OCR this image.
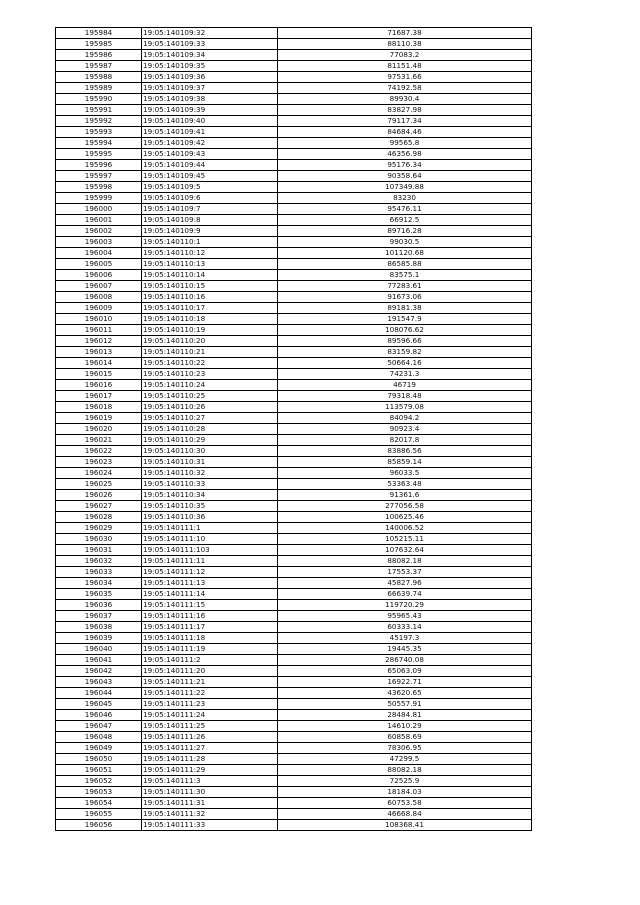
195984	19:05:140109:32	71687.38
195985	19:05:140109:33	88110.38
195986	19:05:140109:34	77083.2
195987	19:05:140109:35	81151.48
195988	19:05:140109:36	97531.66
195989	19:05:140109:37	74192.58
195990	19:05:140109:38	89930.4
195991	19:05:140109:39	83827.98
195992	19:05:140109:40	79117.34
195993	19:05:140109:41	84684.46
195994	19:05:140109:42	99565.8
195995	19:05:140109:43	46356.98
195996	19:05:140109:44	95176.34
195997	19:05:140109:45	90358.64
195998	19:05:140109:5	107349.88
195999	19:05:140109:6	83230
196000	19:05:140109:7	95476.11
196001	19:05:140109:8	66912.5
196002	19:05:140109:9	89716.28
196003	19:05:140110:1	99030.5
196004	19:05:140110:12	101120.68
196005	19:05:140110:13	86585.88
196006	19:05:140110:14	83575.1
196007	19:05:140110:15	77283.61
196008	19:05:140110:16	91673.06
196009	19:05:140110:17	89181.38
196010	19:05:140110:18	191547.9
196011	19:05:140110:19	108076.62
196012	19:05:140110:20	89596.66
196013	19:05:140110:21	83159.82
196014	19:05:140110:22	50664.16
196015	19:05:140110:23	74231.3
196016	19:05:140110:24	46719
196017	19:05:140110:25	79318.48
196018	19:05:140110:26	113579.08
196019	19:05:140110:27	84094.2
196020	19:05:140110:28	90923.4
196021	19:05:140110:29	82017.8
196022	19:05:140110:30	83886.56
196023	19:05:140110:31	85859.14
196024	19:05:140110:32	96033.5
196025	19:05:140110:33	53363.48
196026	19:05:140110:34	91361.6
196027	19:05:140110:35	277056.58
196028	19:05:140110:36	100625.46
196029	19:05:140111:1	140006.52
196030	19:05:140111:10	105215.11
196031	19:05:140111:103	107632.64
196032	19:05:140111:11	88082.18
196033	19:05:140111:12	17553.37
196034	19:05:140111:13	45827.96
196035	19:05:140111:14	66639.74
196036	19:05:140111:15	119720.29
196037	19:05:140111:16	95965.43
196038	19:05:140111:17	60333.14
196039	19:05:140111:18	45197.3
196040	19:05:140111:19	19445.35
196041	19:05:140111:2	286740.08
196042	19:05:140111:20	65063.09
196043	19:05:140111:21	16922.71
196044	19:05:140111:22	43620.65
196045	19:05:140111:23	50557.91
196046	19:05:140111:24	28484.81
196047	19:05:140111:25	14610.29
196048	19:05:140111:26	60858.69
196049	19:05:140111:27	78306.95
196050	19:05:140111:28	47299.5
196051	19:05:140111:29	88082.18
196052	19:05:140111:3	72525.9
196053	19:05:140111:30	18184.03
196054	19:05:140111:31	60753.58
196055	19:05:140111:32	46668.84
196056	19:05:140111:33	108368.41
